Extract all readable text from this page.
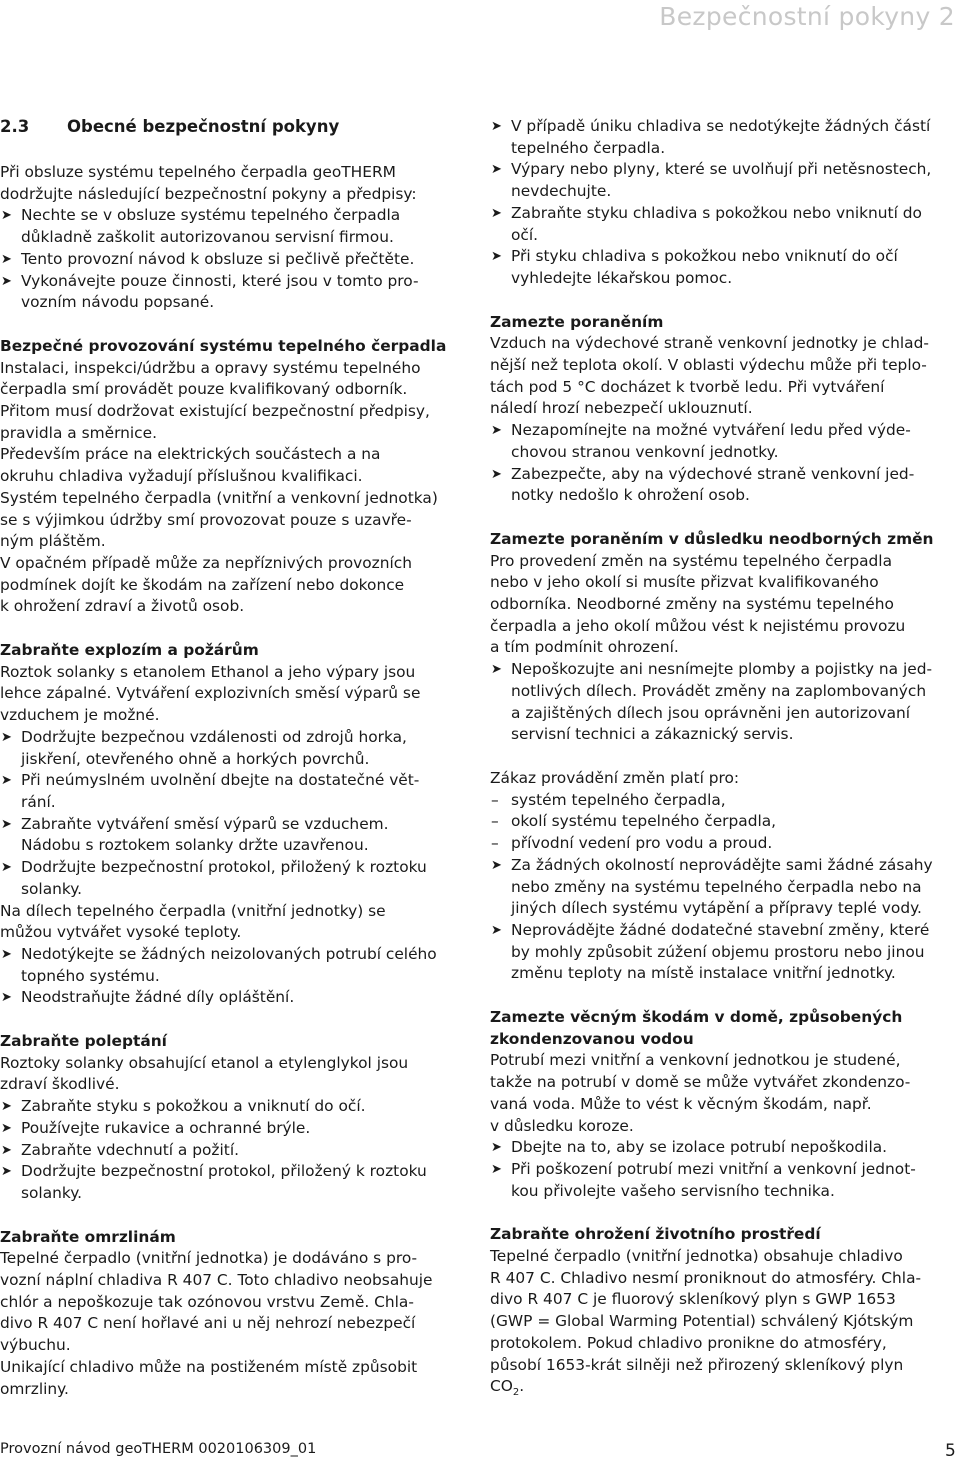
Bezpečnostní pokyny 2
2.3 Obecné bezpečnostní pokyny
Při obsluze systému tepelného čerpadla geoTHERM
dodržujte následující bezpečnostní pokyny a předpisy:
➤ Nechte se v obsluze systému tepelného čerpadla
důkladně zaškolit autorizovanou servisní firmou.
➤ Tento provozní návod k obsluze si pečlivě přečtěte.
➤ Vykonávejte pouze činnosti, které jsou v tomto pro-
vozním návodu popsané.
Bezpečné provozování systému tepelného čerpadla
Instalaci, inspekci/údržbu a opravy systému tepelného
čerpadla smí provádět pouze kvalifikovaný odborník.
Přitom musí dodržovat existující bezpečnostní předpisy,
pravidla a směrnice.
Především práce na elektrických součástech a na
okruhu chladiva vyžadují příslušnou kvalifikaci.
Systém tepelného čerpadla (vnitřní a venkovní jednotka)
se s výjimkou údržby smí provozovat pouze s uzavře-
ným pláštěm.
V opačném případě může za nepříznivých provozních
podmínek dojít ke škodám na zařízení nebo dokonce
k ohrožení zdraví a životů osob.
Zabraňte explozím a požárům
Roztok solanky s etanolem Ethanol a jeho výpary jsou
lehce zápalné. Vytváření explozivních směsí výparů se
vzduchem je možné.
➤ Dodržujte bezpečnou vzdálenosti od zdrojů horka,
jiskření, otevřeného ohně a horkých povrchů.
➤ Při neúmyslném uvolnění dbejte na dostatečné vět-
rání.
➤ Zabraňte vytváření směsí výparů se vzduchem.
Nádobu s roztokem solanky držte uzavřenou.
➤ Dodržujte bezpečnostní protokol, přiložený k roztoku
solanky.
Na dílech tepelného čerpadla (vnitřní jednotky) se
můžou vytvářet vysoké teploty.
➤ Nedotýkejte se žádných neizolovaných potrubí celého
topného systému.
➤ Neodstraňujte žádné díly opláštění.
Zabraňte poleptání
Roztoky solanky obsahující etanol a etylenglykol jsou
zdraví škodlivé.
➤ Zabraňte styku s pokožkou a vniknutí do očí.
➤ Používejte rukavice a ochranné brýle.
➤ Zabraňte vdechnutí a požití.
➤ Dodržujte bezpečnostní protokol, přiložený k roztoku
solanky.
Zabraňte omrzlinám
Tepelné čerpadlo (vnitřní jednotka) je dodáváno s pro-
vozní náplní chladiva R 407 C. Toto chladivo neobsahuje
chlór a nepoškozuje tak ozónovou vrstvu Země. Chla-
divo R 407 C není hořlavé ani u něj nehrozí nebezpečí
výbuchu.
Unikající chladivo může na postiženém místě způsobit
omrzliny.
➤ V případě úniku chladiva se nedotýkejte žádných částí
tepelného čerpadla.
➤ Výpary nebo plyny, které se uvolňují při netěsnostech,
nevdechujte.
➤ Zabraňte styku chladiva s pokožkou nebo vniknutí do
očí.
➤ Při styku chladiva s pokožkou nebo vniknutí do očí
vyhledejte lékařskou pomoc.
Zamezte poraněním
Vzduch na výdechové straně venkovní jednotky je chlad-
nější než teplota okolí. V oblasti výdechu může při teplo-
tách pod 5 °C docházet k tvorbě ledu. Při vytváření
náledí hrozí nebezpečí uklouznutí.
➤ Nezapomínejte na možné vytváření ledu před výde-
chovou stranou venkovní jednotky.
➤ Zabezpečte, aby na výdechové straně venkovní jed-
notky nedošlo k ohrožení osob.
Zamezte poraněním v důsledku neodborných změn
Pro provedení změn na systému tepelného čerpadla
nebo v jeho okolí si musíte přizvat kvalifikovaného
odborníka. Neodborné změny na systému tepelného
čerpadla a jeho okolí můžou vést k nejistému provozu
a tím podmínit ohrození.
➤ Nepoškozujte ani nesnímejte plomby a pojistky na jed-
notlivých dílech. Provádět změny na zaplombovaných
a zajištěných dílech jsou oprávněni jen autorizovaní
servisní technici a zákaznický servis.
Zákaz provádění změn platí pro:
– systém tepelného čerpadla,
– okolí systému tepelného čerpadla,
– přívodní vedení pro vodu a proud.
➤ Za žádných okolností neprovádějte sami žádné zásahy
nebo změny na systému tepelného čerpadla nebo na
jiných dílech systému vytápění a přípravy teplé vody.
➤ Neprovádějte žádné dodatečné stavební změny, které
by mohly způsobit zúžení objemu prostoru nebo jinou
změnu teploty na místě instalace vnitřní jednotky.
Zamezte věcným škodám v domě, způsobených
zkondenzovanou vodou
Potrubí mezi vnitřní a venkovní jednotkou je studené,
takže na potrubí v domě se může vytvářet zkondenzo-
vaná voda. Může to vést k věcným škodám, např.
v důsledku koroze.
➤ Dbejte na to, aby se izolace potrubí nepoškodila.
➤ Při poškození potrubí mezi vnitřní a venkovní jednot-
kou přivolejte vašeho servisního technika.
Zabraňte ohrožení životního prostředí
Tepelné čerpadlo (vnitřní jednotka) obsahuje chladivo
R 407 C. Chladivo nesmí proniknout do atmosféry. Chla-
divo R 407 C je fluorový skleníkový plyn s GWP 1653
(GWP = Global Warming Potential) schválený Kjótským
protokolem. Pokud chladivo pronikne do atmosféry,
působí 1653-krát silněji než přirozený skleníkový plyn
$CO_2$.
Provozní návod geoTHERM 0020106309_01	5
